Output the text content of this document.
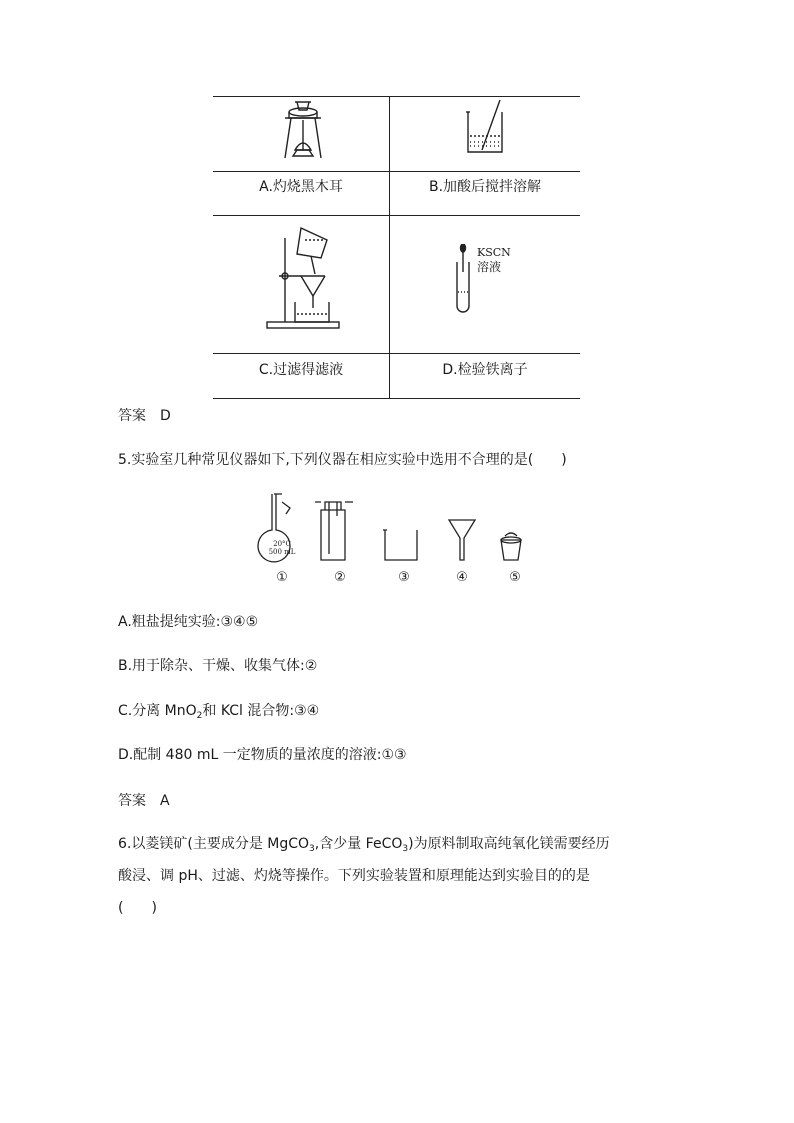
KSCN
溶液
A.灼烧黑木耳	B.加酸后搅拌溶解
C.过滤得滤液	D.检验铁离子
答案 D
5.实验室几种常见仪器如下,下列仪器在相应实验中选用不合理的是(　　)
20°C
500 mL
①	②	③	④	⑤
A.粗盐提纯实验:③④⑤
B.用于除杂、干燥、收集气体:②
C.分离 MnO$_2$和 KCl 混合物:③④
D.配制 480 mL 一定物质的量浓度的溶液:①③
答案 A
6.以菱镁矿(主要成分是 MgCO$_3$,含少量 FeCO$_3$)为原料制取高纯氧化镁需要经历
酸浸、调 pH、过滤、灼烧等操作。下列实验装置和原理能达到实验目的的是
(　　)
